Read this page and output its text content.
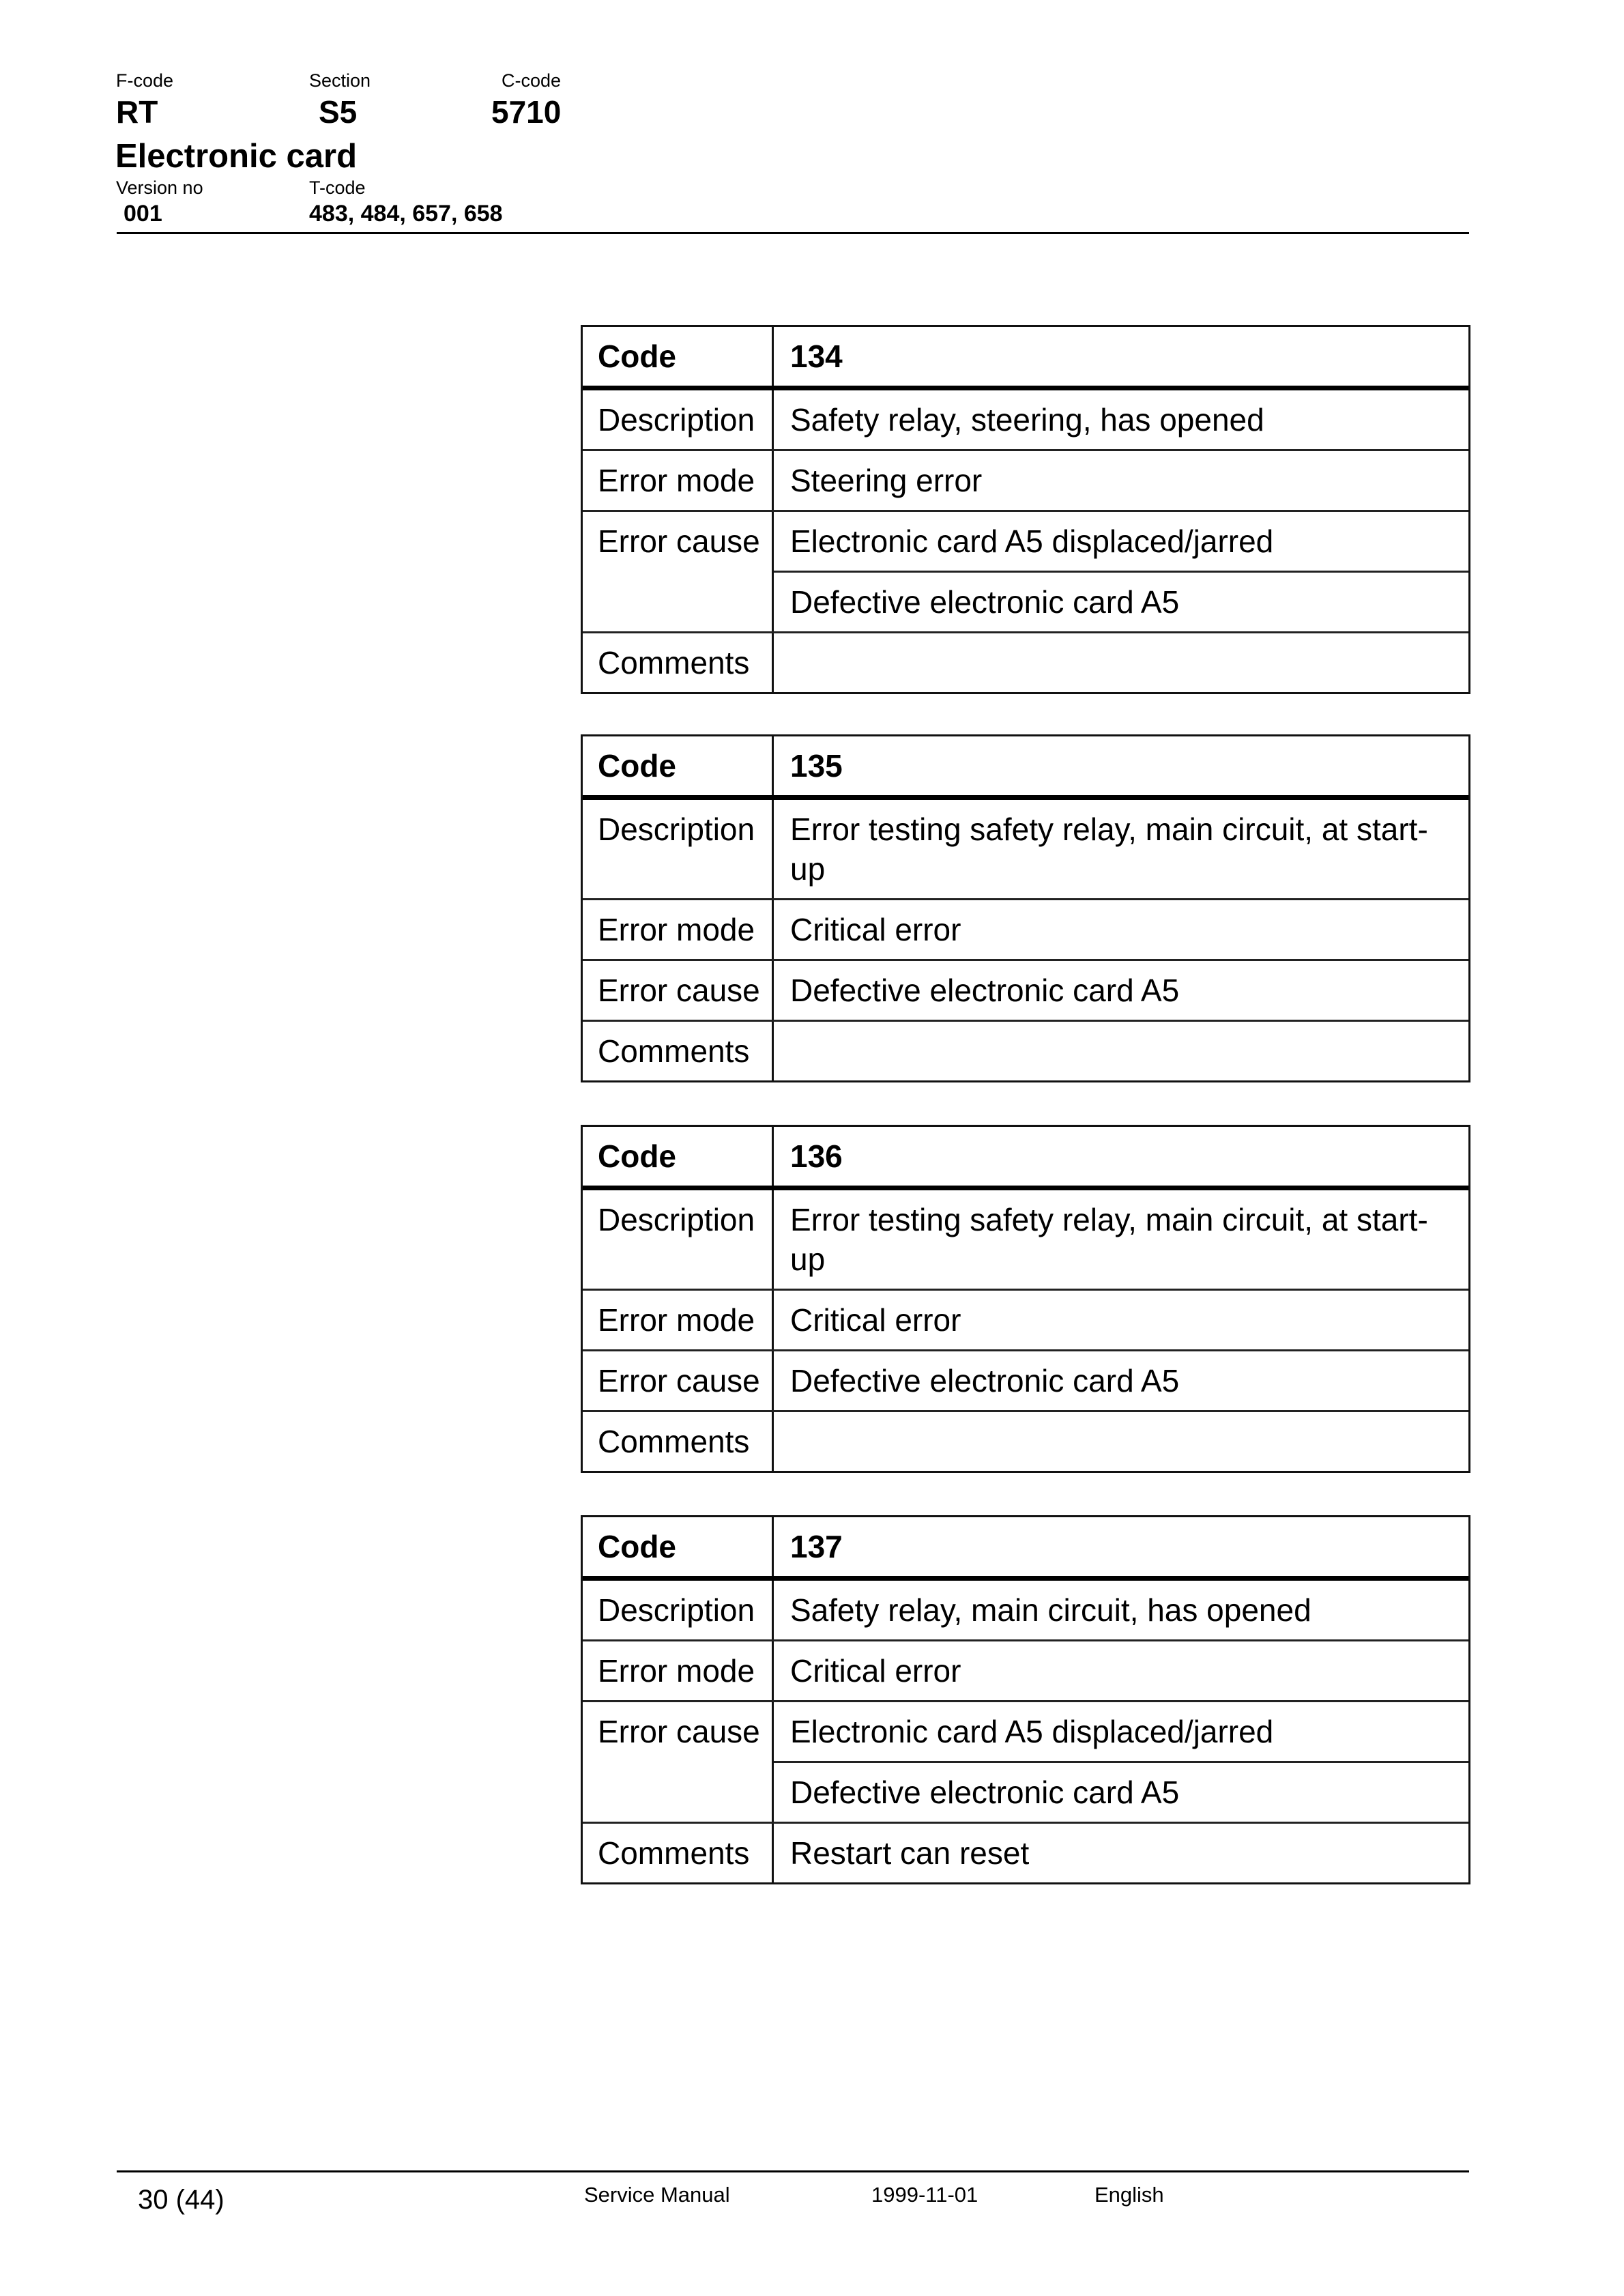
F-code
RT
Section
S5
C-code
5710
Electronic card
Version no
001
T-code
483, 484, 657, 658
Code	134
Description	Safety relay, steering, has opened
Error mode	Steering error
Error cause Electronic card A5 displaced/jarred
Defective electronic card A5
Comments
Code	135
Description	Error testing safety relay, main circuit, at start-
up
Error mode	Critical error
Error cause Defective electronic card A5
Comments
Code	136
Description	Error testing safety relay, main circuit, at start-
up
Error mode	Critical error
Error cause Defective electronic card A5
Comments
Code	137
Description	Safety relay, main circuit, has opened
Error mode	Critical error
Error cause Electronic card A5 displaced/jarred
Defective electronic card A5
Comments	Restart can reset
30 (44)	Service Manual	1999-11-01	English
